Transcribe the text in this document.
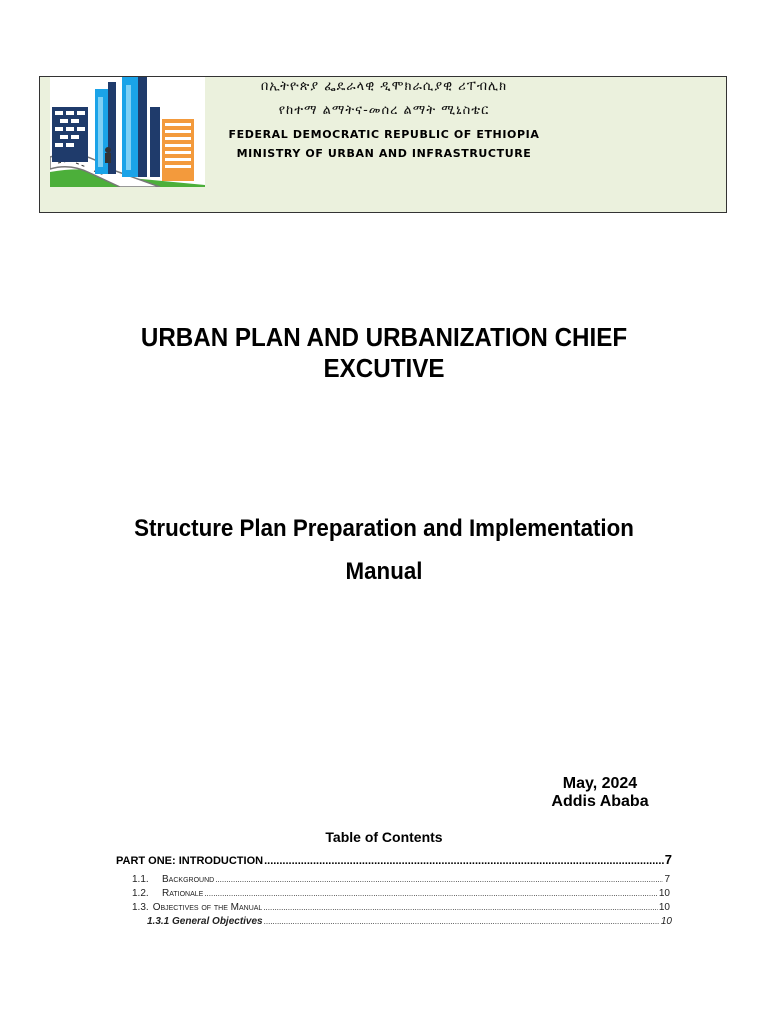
በኢትዮጵያ ፌዴራላዊ ዲሞክራሲያዊ ሪፐብሊክ
የከተማ ልማትና-መሰረ ልማት ሚኒስቴር
FEDERAL DEMOCRATIC REPUBLIC OF ETHIOPIA
MINISTRY OF URBAN AND INFRASTRUCTURE
URBAN PLAN AND URBANIZATION CHIEF
EXCUTIVE
Structure Plan Preparation and Implementation
Manual
May, 2024
Addis Ababa
Table of Contents
PART ONE: INTRODUCTION .....	7
1.1.	Background .....	7
1.2.	Rationale .....	10
1.3. Objectives of the Manual .....	10
1.3.1 General Objectives .....	10
